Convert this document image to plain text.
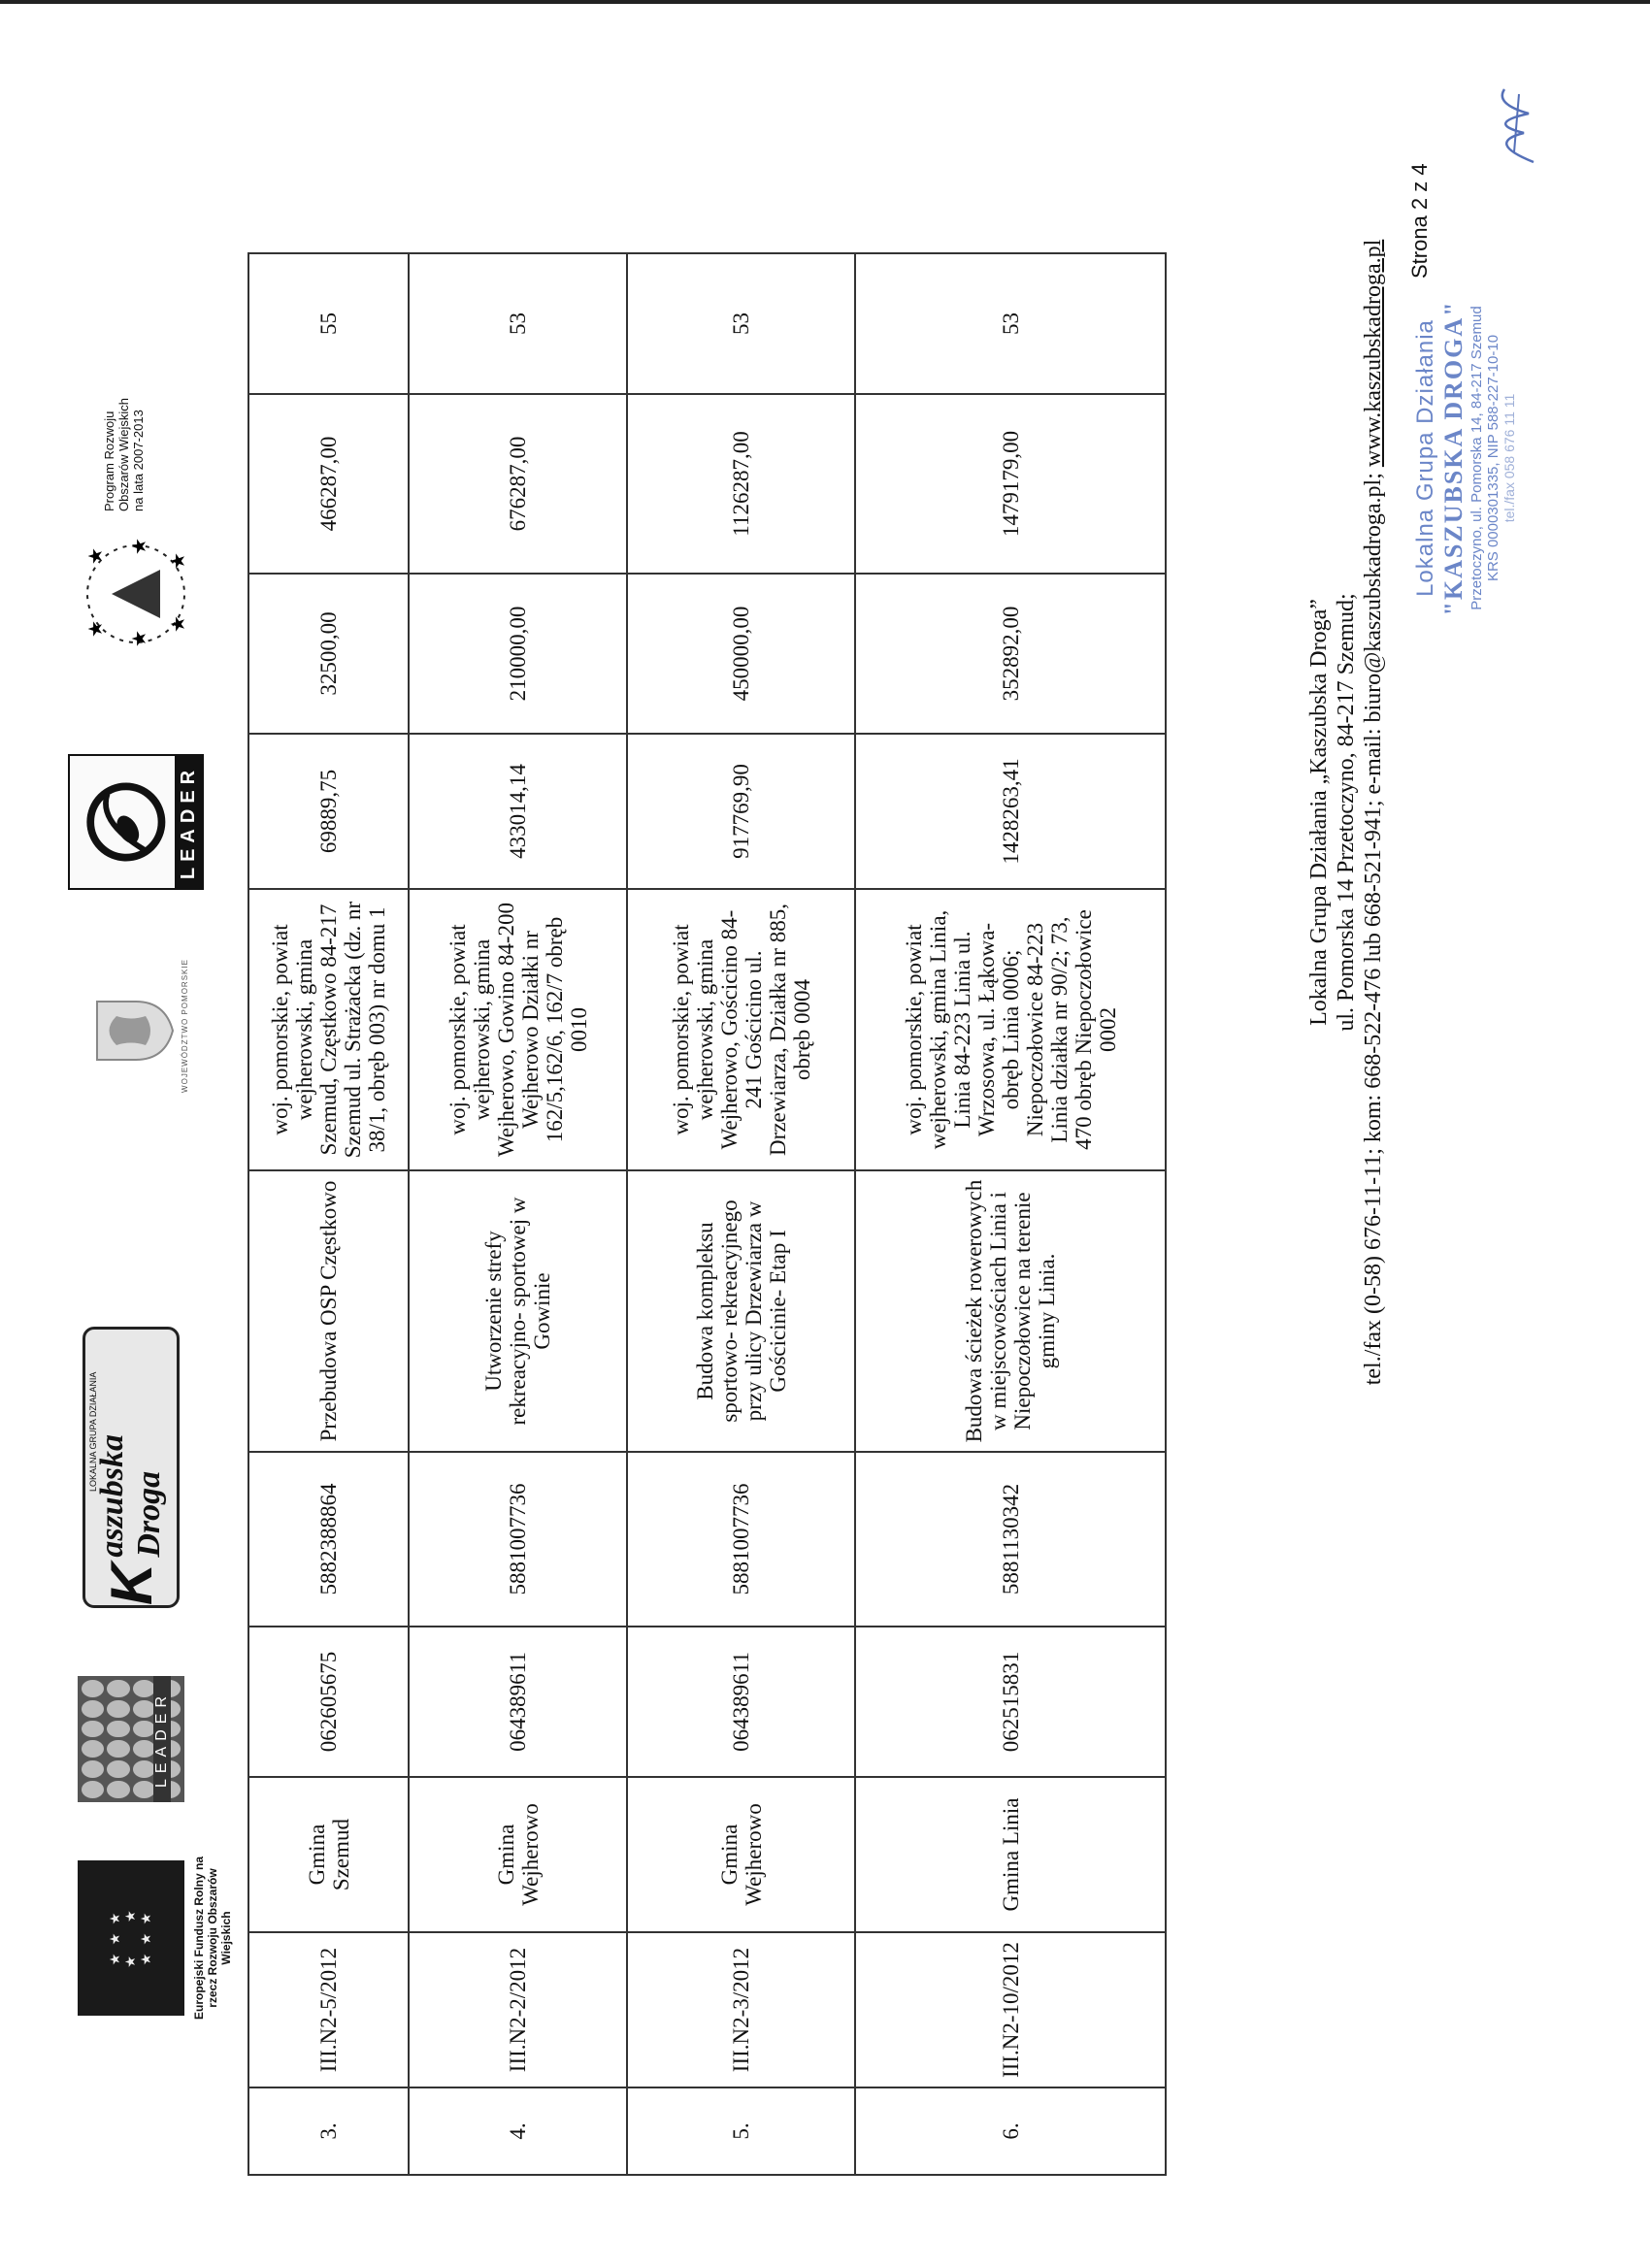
★ ★ ★
★     ★
★ ★ ★	Europejski Fundusz Rolny na rzecz Rozwoju Obszarów Wiejskich
LEADER
K
aszubska Droga
LOKALNA GRUPA DZIAŁANIA
WOJEWÓDZTWO POMORSKIE
LEADER
★
★
★
★
★
★
Program Rozwoju Obszarów Wiejskich na lata 2007-2013
3.	III.N2-5/2012	Gmina Szemud	062605675	5882388864	Przebudowa OSP Częstkowo	woj. pomorskie, powiat wejherowski, gmina Szemud, Częstkowo 84-217 Szemud ul. Strażacka (dz. nr 38/1, obręb 003) nr domu 1	69889,75	32500,00	466287,00	55
4.	III.N2-2/2012	Gmina Wejherowo	064389611	5881007736	Utworzenie strefy rekreacyjno- sportowej w Gowinie	woj. pomorskie, powiat wejherowski, gmina Wejherowo, Gowino 84-200 Wejherowo Działki nr 162/5,162/6, 162/7 obręb 0010	433014,14	210000,00	676287,00	53
5.	III.N2-3/2012	Gmina Wejherowo	064389611	5881007736	Budowa kompleksu sportowo- rekreacyjnego przy ulicy Drzewiarza w Gościcinie- Etap I	woj. pomorskie, powiat wejherowski, gmina Wejherowo, Gościcino 84-241 Gościcino ul. Drzewiarza, Działka nr 885, obręb 0004	917769,90	450000,00	1126287,00	53
6.	III.N2-10/2012	Gmina Linia	062515831	5881130342	Budowa ścieżek rowerowych w miejscowościach Linia i Niepoczołowice na terenie gminy Linia.	woj. pomorskie, powiat wejherowski, gmina Linia, Linia 84-223 Linia ul. Wrzosowa, ul. Łąkowa- obręb Linia 0006; Niepoczołowice 84-223 Linia działka nr 90/2; 73, 470 obręb Niepoczołowice 0002	1428263,41	352892,00	1479179,00	53
Lokalna Grupa Działania „Kaszubska Droga” ul. Pomorska 14 Przetoczyno, 84-217 Szemud; tel./fax (0-58) 676-11-11; kom: 668-522-476 lub 668-521-941; e-mail: biuro@kaszubskadroga.pl; www.kaszubskadroga.pl Lokalna Grupa Działania "KASZUBSKA DROGA" Przetoczyno, ul. Pomorska 14, 84-217 Szemud KRS 0000301335, NIP 588-227-10-10 tel./fax 058 676 11 11
Strona 2 z 4
